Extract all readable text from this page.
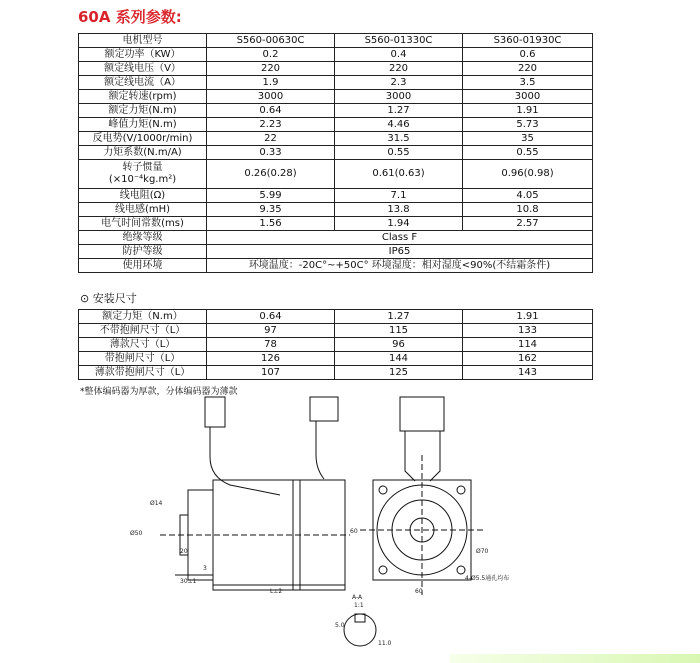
60A 系列参数:
电机型号	S560-00630C	S560-01330C	S360-01930C

额定功率（KW）	0.2	0.4	0.6

额定线电压（V）	220	220	220

额定线电流（A）	1.9	2.3	3.5

额定转速(rpm)	3000	3000	3000

额定力矩(N.m)	0.64	1.27	1.91

峰值力矩(N.m)	2.23	4.46	5.73

反电势(V/1000r/min)	22	31.5	35

力矩系数(N.m/A)	0.33	0.55	0.55

转子惯量
(×10⁻⁴kg.m²)	0.26(0.28)	0.61(0.63)	0.96(0.98)

线电阻(Ω)	5.99	7.1	4.05

线电感(mH)	9.35	13.8	10.8

电气时间常数(ms)	1.56	1.94	2.57
绝缘等级	Class F		
防护等级	IP65		
使用环境	环境温度：-20C°~+50C° 环境湿度：相对湿度<90%(不结霜条件)		
⊙ 安装尺寸
额定力矩（N.m）	0.64	1.27	1.91
不带抱闸尺寸（L）	97	115	133
薄款尺寸（L）	78	96	114
带抱闸尺寸（L）	126	144	162
薄款带抱闸尺寸（L）	107	125	143
*整体编码器为厚款，分体编码器为薄款
30±1
L±2
3
20
Ø14
Ø50
60
60
Ø70
4-Ø5.5通孔均布
A-A
1:1
5.0
11.0
